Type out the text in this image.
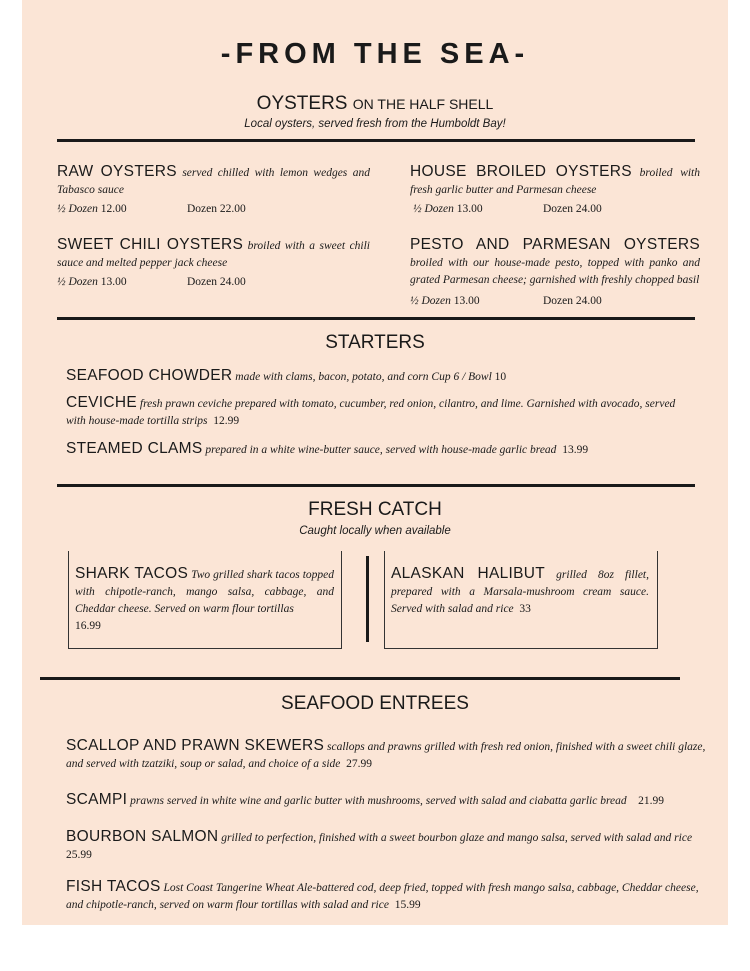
-FROM THE SEA-
OYSTERS ON THE HALF SHELL
Local oysters, served fresh from the Humboldt Bay!
RAW OYSTERS served chilled with lemon wedges and Tabasco sauce
½ Dozen 12.00	Dozen 22.00
HOUSE BROILED OYSTERS broiled with fresh garlic butter and Parmesan cheese
½ Dozen 13.00	Dozen 24.00
SWEET CHILI OYSTERS broiled with a sweet chili sauce and melted pepper jack cheese
½ Dozen 13.00	Dozen 24.00
PESTO AND PARMESAN OYSTERS broiled with our house-made pesto, topped with panko and grated Parmesan cheese; garnished with freshly chopped basil
½ Dozen 13.00	Dozen 24.00
STARTERS
SEAFOOD CHOWDER made with clams, bacon, potato, and corn Cup 6 / Bowl 10
CEVICHE fresh prawn ceviche prepared with tomato, cucumber, red onion, cilantro, and lime. Garnished with avocado, served with house-made tortilla strips 12.99
STEAMED CLAMS prepared in a white wine-butter sauce, served with house-made garlic bread 13.99
FRESH CATCH
Caught locally when available
SHARK TACOS Two grilled shark tacos topped with chipotle-ranch, mango salsa, cabbage, and Cheddar cheese. Served on warm flour tortillas
16.99
ALASKAN HALIBUT grilled 8oz fillet, prepared with a Marsala-mushroom cream sauce. Served with salad and rice 33
SEAFOOD ENTREES
SCALLOP AND PRAWN SKEWERS scallops and prawns grilled with fresh red onion, finished with a sweet chili glaze, and served with tzatziki, soup or salad, and choice of a side 27.99
SCAMPI prawns served in white wine and garlic butter with mushrooms, served with salad and ciabatta garlic bread 21.99
BOURBON SALMON grilled to perfection, finished with a sweet bourbon glaze and mango salsa, served with salad and rice
25.99
FISH TACOS Lost Coast Tangerine Wheat Ale-battered cod, deep fried, topped with fresh mango salsa, cabbage, Cheddar cheese, and chipotle-ranch, served on warm flour tortillas with salad and rice 15.99
